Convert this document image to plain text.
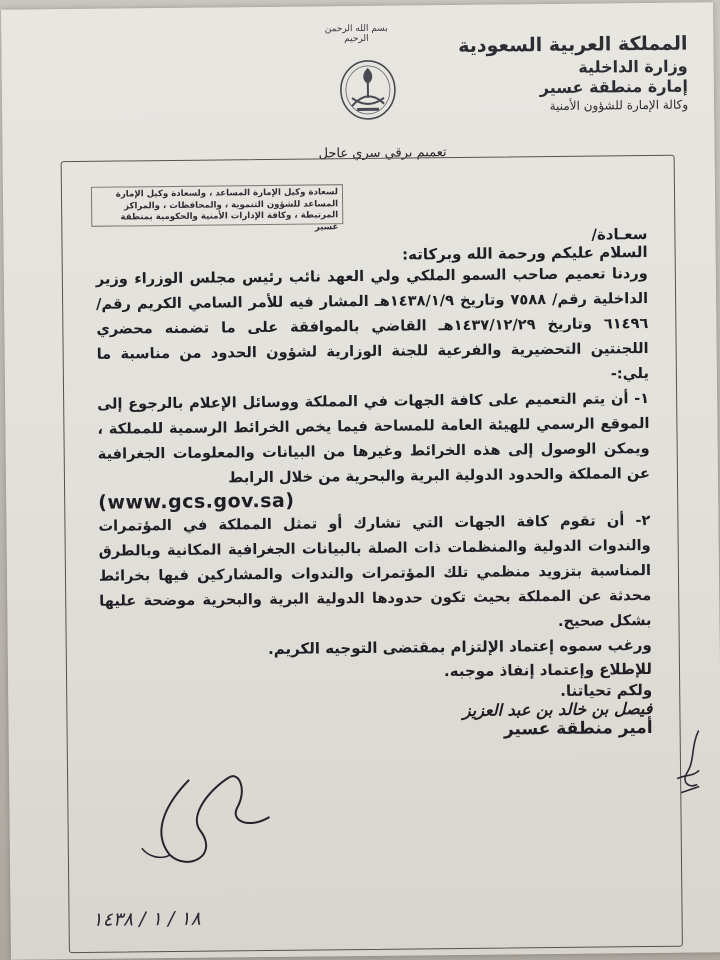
المملكة العربية السعودية
وزارة الداخلية
إمارة منطقة عسير
وكالة الإمارة للشؤون الأمنية
بسم الله الرحمن الرحيم
تعميم برقي سري عاجل
لسعادة وكيل الإمارة المساعد ، ولسعادة وكيل الإمارة المساعد للشؤون التنموية ، والمحافظات ، والمراكز المرتبطة ، وكافة الإدارات الأمنية والحكومية بمنطقة عسير	سعـادة/

السلام عليكم ورحمة الله وبركاته:

وردنا تعميم صاحب السمو الملكي ولي العهد نائب رئيس مجلس الوزراء وزير الداخلية رقم/ ٧٥٨٨ وتاريخ ١٤٣٨/١/٩هـ المشار فيه للأمر السامي الكريم رقم/ ٦١٤٩٦ وتاريخ ١٤٣٧/١٢/٢٩هـ القاضي بالموافقة على ما تضمنه محضري اللجنتين التحضيرية والفرعية للجنة الوزارية لشؤون الحدود من مناسبة ما يلي:-

١- أن يتم التعميم على كافة الجهات في المملكة ووسائل الإعلام بالرجوع إلى الموقع الرسمي للهيئة العامة للمساحة فيما يخص الخرائط الرسمية للمملكة ، ويمكن الوصول إلى هذه الخرائط وغيرها من البيانات والمعلومات الجغرافية عن المملكة والحدود الدولية البرية والبحرية من خلال الرابط

(www.gcs.gov.sa)

٢- أن تقوم كافة الجهات التي تشارك أو تمثل المملكة في المؤتمرات والندوات الدولية والمنظمات ذات الصلة بالبيانات الجغرافية المكانية وبالطرق المناسبة بتزويد منظمي تلك المؤتمرات والندوات والمشاركين فيها بخرائط محدثة عن المملكة بحيث تكون حدودها الدولية البرية والبحرية موضحة عليها بشكل صحيح.

ورغب سموه إعتماد الإلتزام بمقتضى التوجيه الكريم.

للإطلاع وإعتماد إنفاذ موجبه.

ولكم تحياتنا.

فيصل بن خالد بن عبد العزيز

أمير منطقة عسير

١٨ / ١ / ١٤٣٨
